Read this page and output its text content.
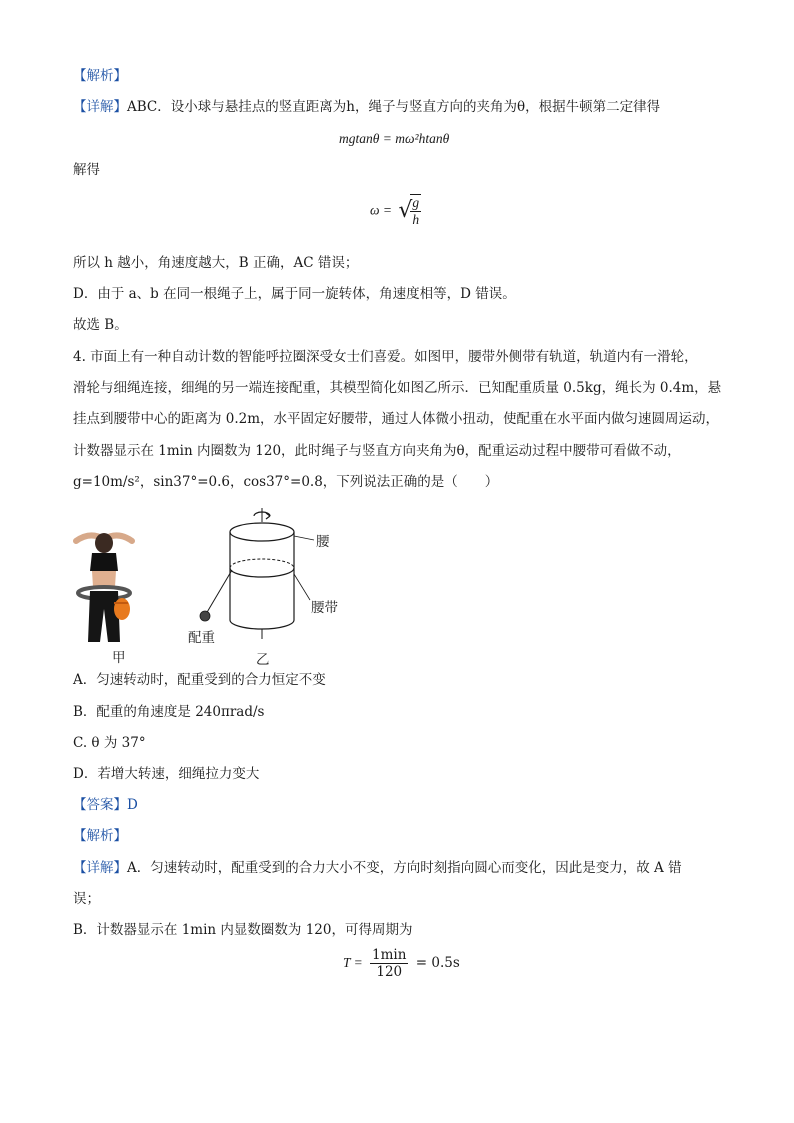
【解析】
【详解】ABC．设小球与悬挂点的竖直距离为h，绳子与竖直方向的夹角为θ，根据牛顿第二定律得
mgtanθ = mω²htanθ
解得
ω = √
$\frac{g}{h}$
所以 h 越小，角速度越大，B 正确，AC 错误；
D．由于 a、b 在同一根绳子上，属于同一旋转体，角速度相等，D 错误。
故选 B。
4. 市面上有一种自动计数的智能呼拉圈深受女士们喜爱。如图甲，腰带外侧带有轨道，轨道内有一滑轮，
滑轮与细绳连接，细绳的另一端连接配重，其模型简化如图乙所示．已知配重质量 0.5kg，绳长为 0.4m，悬
挂点到腰带中心的距离为 0.2m，水平固定好腰带，通过人体微小扭动，使配重在水平面内做匀速圆周运动，
计数器显示在 1min 内圈数为 120，此时绳子与竖直方向夹角为θ，配重运动过程中腰带可看做不动，
g=10m/s²，sin37°=0.6，cos37°=0.8，下列说法正确的是（　　）
腰
腰带
配重
甲	乙
A．匀速转动时，配重受到的合力恒定不变
B．配重的角速度是 240πrad/s
C. θ 为 37°
D．若增大转速，细绳拉力变大
【答案】D
【解析】
【详解】A．匀速转动时，配重受到的合力大小不变，方向时刻指向圆心而变化，因此是变力，故 A 错
误；
B．计数器显示在 1min 内显数圈数为 120，可得周期为
$T = \frac{1\min}{120} = 0.5s$
